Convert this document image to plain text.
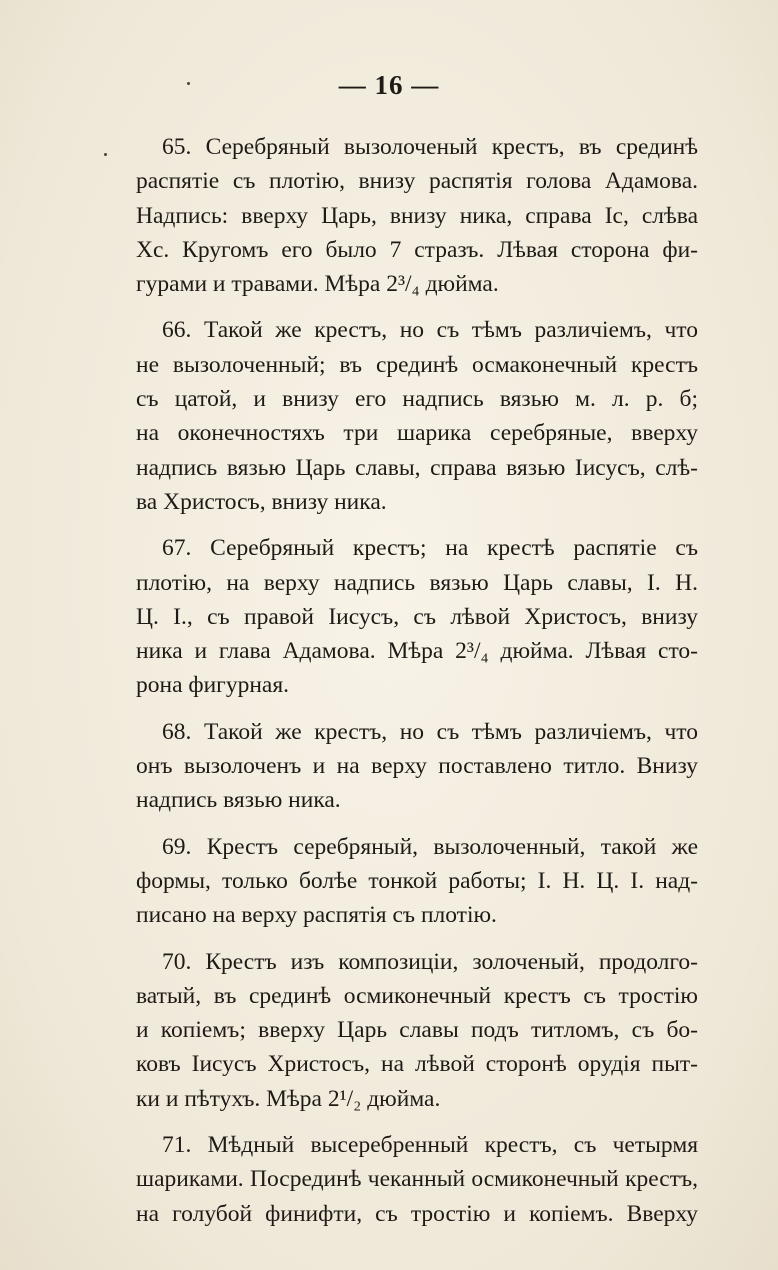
— 16 —
65. Серебряный вызолоченый крестъ, въ срединѣ
распятіе съ плотію, внизу распятія голова Адамова.
Надпись: вверху Царь, внизу ника, справа Іс, слѣва
Хс. Кругомъ его было 7 стразъ. Лѣвая сторона фи-
гурами и травами. Мѣра 2³/₄ дюйма.
66. Такой же крестъ, но съ тѣмъ различіемъ, что
не вызолоченный; въ срединѣ осмаконечный крестъ
съ цатой, и внизу его надпись вязью м. л. р. б;
на оконечностяхъ три шарика серебряные, вверху
надпись вязью Царь славы, справа вязью Іисусъ, слѣ-
ва Христосъ, внизу ника.
67. Серебряный крестъ; на крестѣ распятіе съ
плотію, на верху надпись вязью Царь славы, І. Н.
Ц. І., съ правой Іисусъ, съ лѣвой Христосъ, внизу
ника и глава Адамова. Мѣра 2³/₄ дюйма. Лѣвая сто-
рона фигурная.
68. Такой же крестъ, но съ тѣмъ различіемъ, что
онъ вызолоченъ и на верху поставлено титло. Внизу
надпись вязью ника.
69. Крестъ серебряный, вызолоченный, такой же
формы, только болѣе тонкой работы; І. Н. Ц. І. над-
писано на верху распятія съ плотію.
70. Крестъ изъ композиціи, золоченый, продолго-
ватый, въ срединѣ осмиконечный крестъ съ тростію
и копіемъ; вверху Царь славы подъ титломъ, съ бо-
ковъ Іисусъ Христосъ, на лѣвой сторонѣ орудія пыт-
ки и пѣтухъ. Мѣра 2¹/₂ дюйма.
71. Мѣдный высеребренный крестъ, съ четырмя
шариками. Посрединѣ чеканный осмиконечный крестъ,
на голубой финифти, съ тростію и копіемъ. Вверху
